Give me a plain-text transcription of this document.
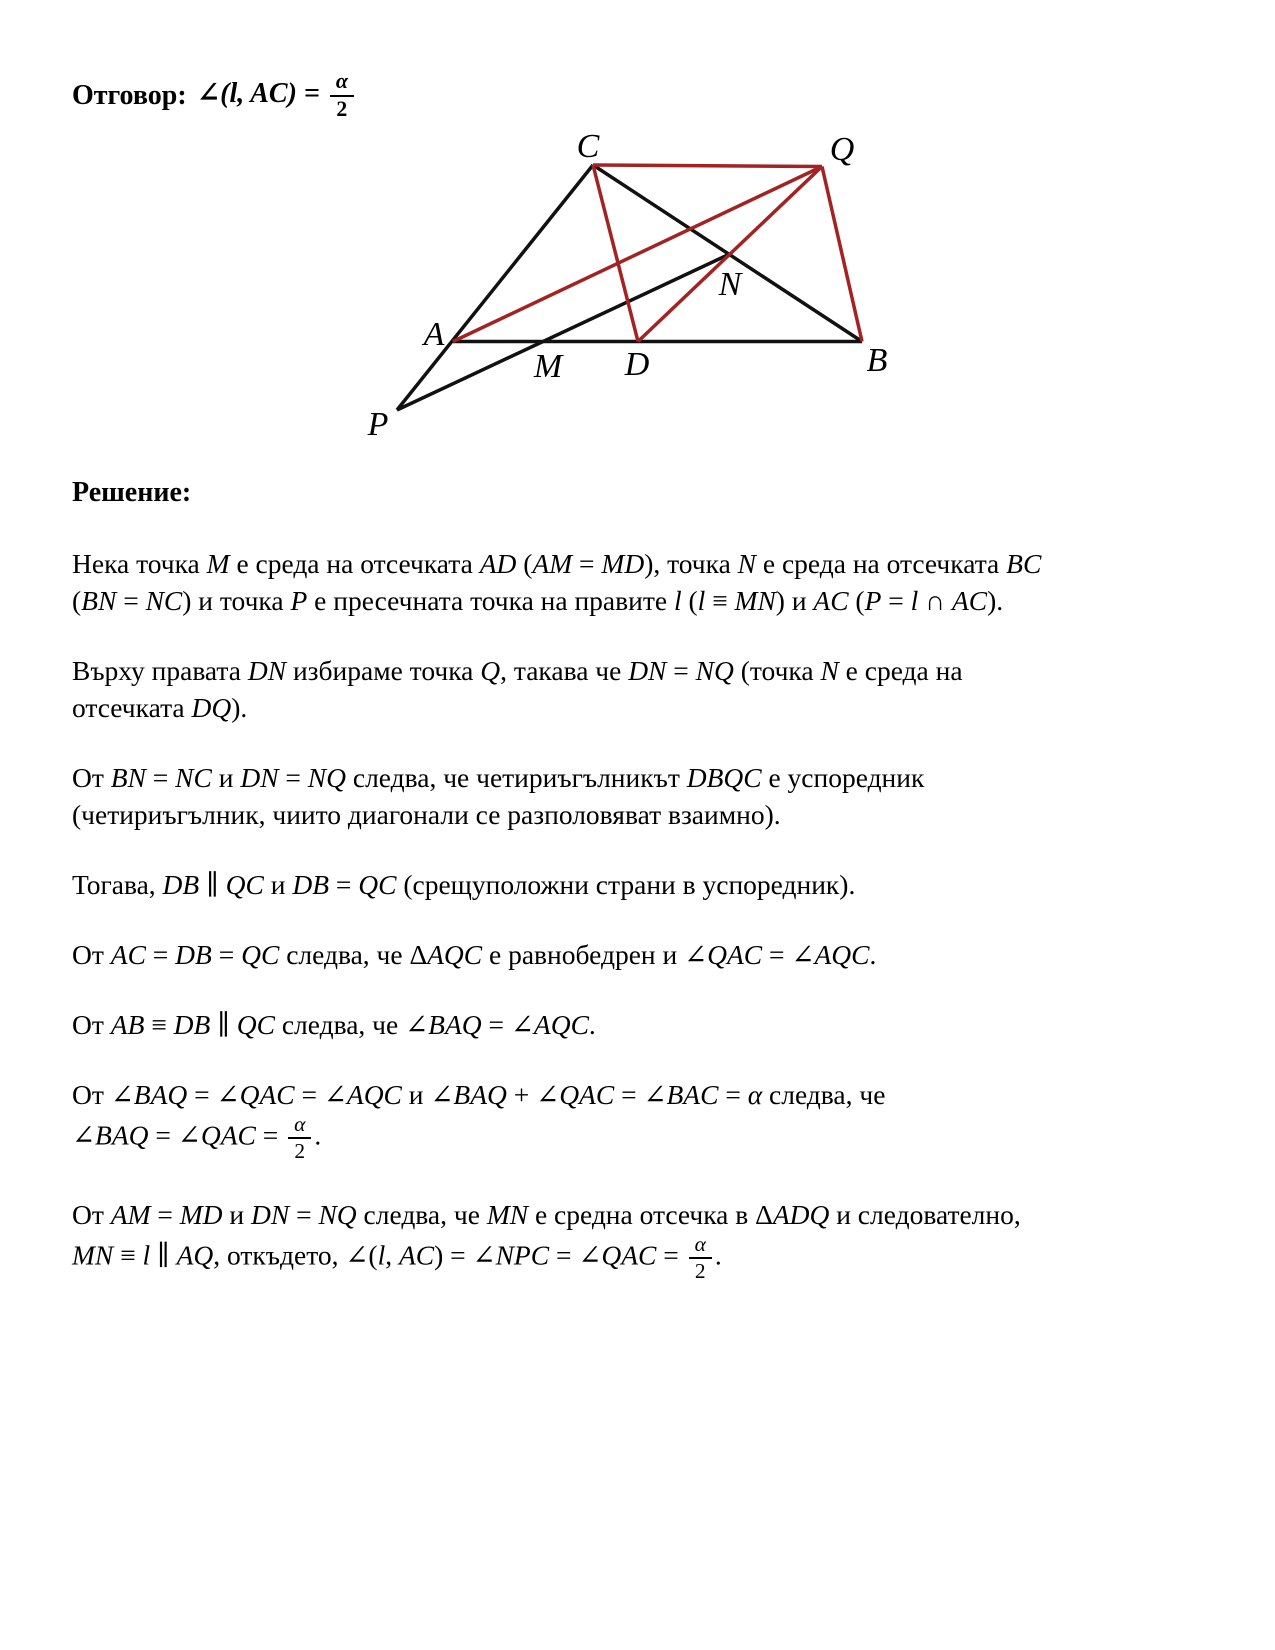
Отговор: ∠(l, $AC) = \frac{\alpha}{2}$
A
B
C
D
M
N
P
Q
Решение:
Нека точка M е среда на отсечката AD (AM = MD), точка N е среда на отсечката BC
(BN = NC) и точка P е пресечната точка на правите l (l ≡ MN) и AC (P = l ∩ AC).
Върху правата DN избираме точка Q, такава че DN = NQ (точка N е среда на
отсечката DQ).
От BN = NC и DN = NQ следва, че четириъгълникът DBQC е успоредник
(четириъгълник, чиито диагонали се разполовяват взаимно).
Тогава, DB ∥ QC и DB = QC (срещуположни страни в успоредник).
От AC = DB = QC следва, че ΔAQC е равнобедрен и ∠QAC = ∠AQC.
От AB ≡ DB ∥ QC следва, че ∠BAQ = ∠AQC.
От ∠BAQ = ∠QAC = ∠AQC и ∠BAQ + ∠QAC = ∠BAC = α следва, че
∠BAQ = ∠QAC = $\frac{\alpha}{2}$ .
От AM = MD и DN = NQ следва, че MN е средна отсечка в ΔADQ и следователно,
MN ≡ l ∥ AQ, откъдето, ∠(l, AC) = ∠NPC = ∠QAC = $\frac{\alpha}{2}$ .
